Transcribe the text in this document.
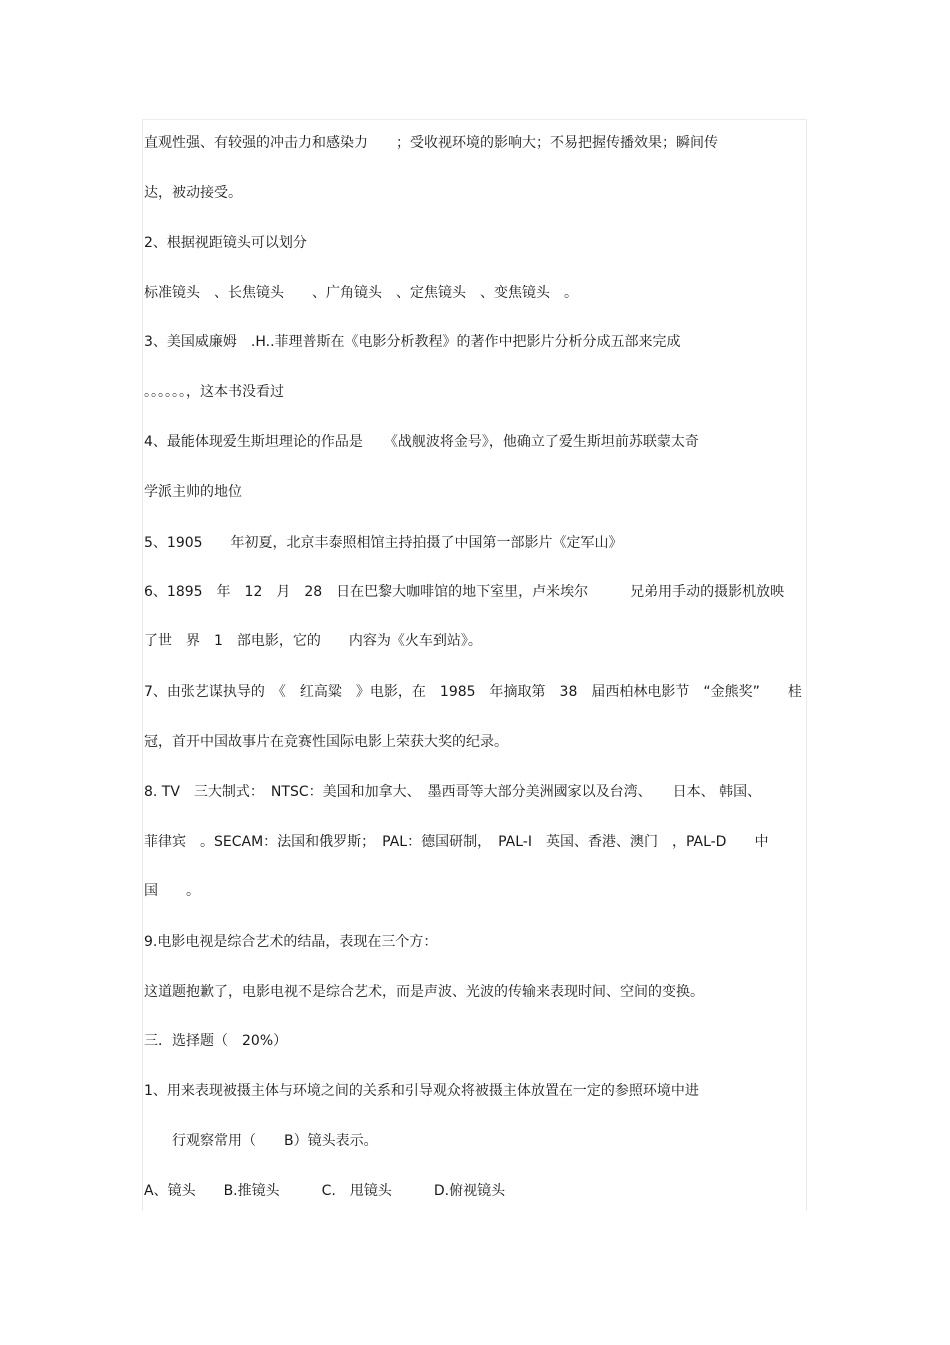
直观性强、有较强的冲击力和感染力　　；受收视环境的影响大；不易把握传播效果；瞬间传
达，被动接受。
2、根据视距镜头可以划分
标准镜头　、长焦镜头　　、广角镜头　、定焦镜头　、变焦镜头　。
3、美国威廉姆　.H..菲理普斯在《电影分析教程》的著作中把影片分析分成五部来完成
。。。。。。，这本书没看过
4、最能体现爱生斯坦理论的作品是　　《战舰波将金号》，他确立了爱生斯坦前苏联蒙太奇
学派主帅的地位
5、1905　　年初夏，北京丰泰照相馆主持拍摄了中国第一部影片《定军山》
6、1895　年　12　月　28　日在巴黎大咖啡馆的地下室里，卢米埃尔　　　兄弟用手动的摄影机放映
了世　界　1　部电影，它的　　内容为《火车到站》。
7、由张艺谋执导的　《　红高粱　》电影，在　1985　年摘取第　38　届西柏林电影节　“金熊奖”　　桂
冠，首开中国故事片在竞赛性国际电影上荣获大奖的纪录。
8. TV　三大制式：　NTSC：美国和加拿大、　墨西哥等大部分美洲國家以及台湾、　　日本、 韩国、
菲律宾　。SECAM：法国和俄罗斯；　PAL：德国研制，　PAL-I　英国、香港、澳门　，PAL-D　　中
国　　。
9.电影电视是综合艺术的结晶，表现在三个方：
这道题抱歉了，电影电视不是综合艺术，而是声波、光波的传输来表现时间、空间的变换。
三．选择题（　20%）
1、用来表现被摄主体与环境之间的关系和引导观众将被摄主体放置在一定的参照环境中进
　　行观察常用（　　B）镜头表示。
A、镜头　　B.推镜头　　　C.　甩镜头　　　D.俯视镜头
